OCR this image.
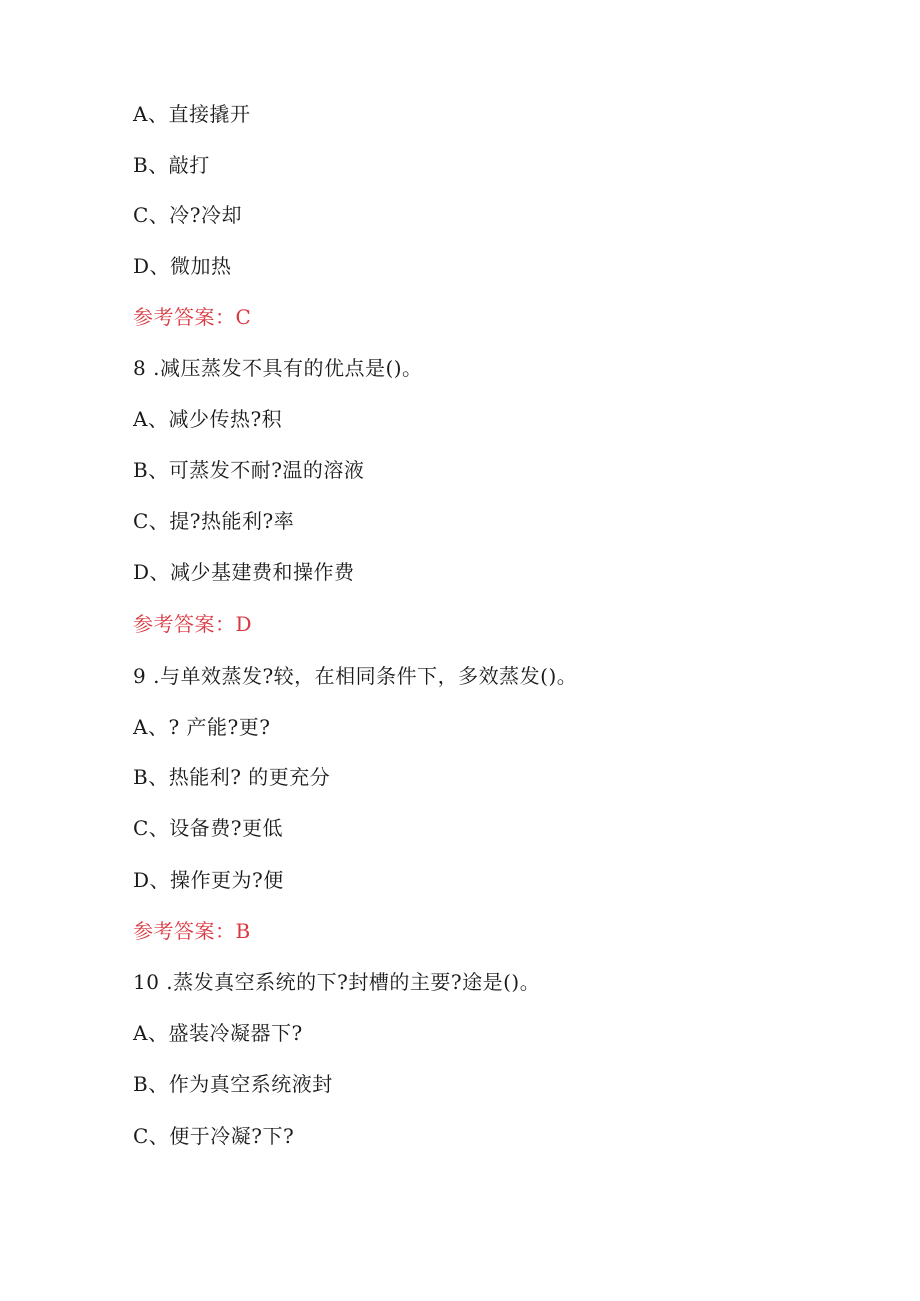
A、直接撬开
B、敲打
C、冷?冷却
D、微加热
参考答案：C
8 .减压蒸发不具有的优点是()。
A、减少传热?积
B、可蒸发不耐?温的溶液
C、提?热能利?率
D、减少基建费和操作费
参考答案：D
9 .与单效蒸发?较，在相同条件下，多效蒸发()。
A、? 产能?更?
B、热能利? 的更充分
C、设备费?更低
D、操作更为?便
参考答案：B
10 .蒸发真空系统的下?封槽的主要?途是()。
A、盛装冷凝器下?
B、作为真空系统液封
C、便于冷凝?下?
